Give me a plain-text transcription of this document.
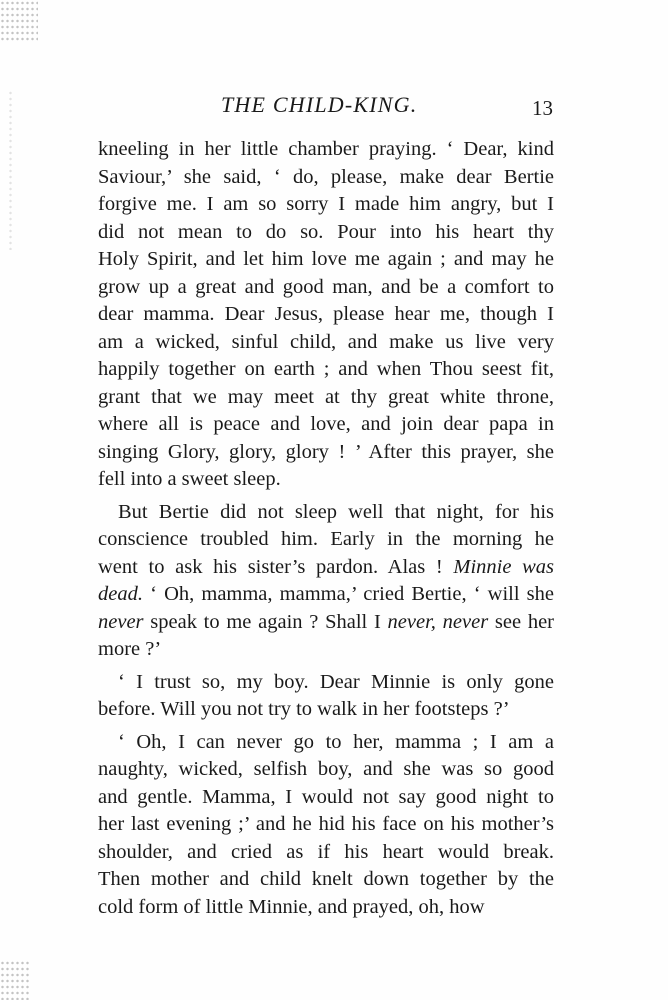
THE CHILD-KING.	13
kneeling in her little chamber praying. ‘ Dear, kind
Saviour,’ she said, ‘ do, please, make dear Bertie
forgive me. I am so sorry I made him angry, but I
did not mean to do so. Pour into his heart thy
Holy Spirit, and let him love me again ; and may he
grow up a great and good man, and be a comfort to
dear mamma. Dear Jesus, please hear me, though I
am a wicked, sinful child, and make us live very
happily together on earth ; and when Thou seest fit,
grant that we may meet at thy great white throne,
where all is peace and love, and join dear papa in
singing Glory, glory, glory ! ’ After this prayer, she
fell into a sweet sleep.
But Bertie did not sleep well that night, for his
conscience troubled him. Early in the morning he
went to ask his sister’s pardon. Alas ! Minnie was
dead. ‘ Oh, mamma, mamma,’ cried Bertie, ‘ will she
never speak to me again ? Shall I never, never see her
more ?’
‘ I trust so, my boy. Dear Minnie is only gone
before. Will you not try to walk in her footsteps ?’
‘ Oh, I can never go to her, mamma ; I am a
naughty, wicked, selfish boy, and she was so good
and gentle. Mamma, I would not say good night to
her last evening ;’ and he hid his face on his mother’s
shoulder, and cried as if his heart would break.
Then mother and child knelt down together by the
cold form of little Minnie, and prayed, oh, how
